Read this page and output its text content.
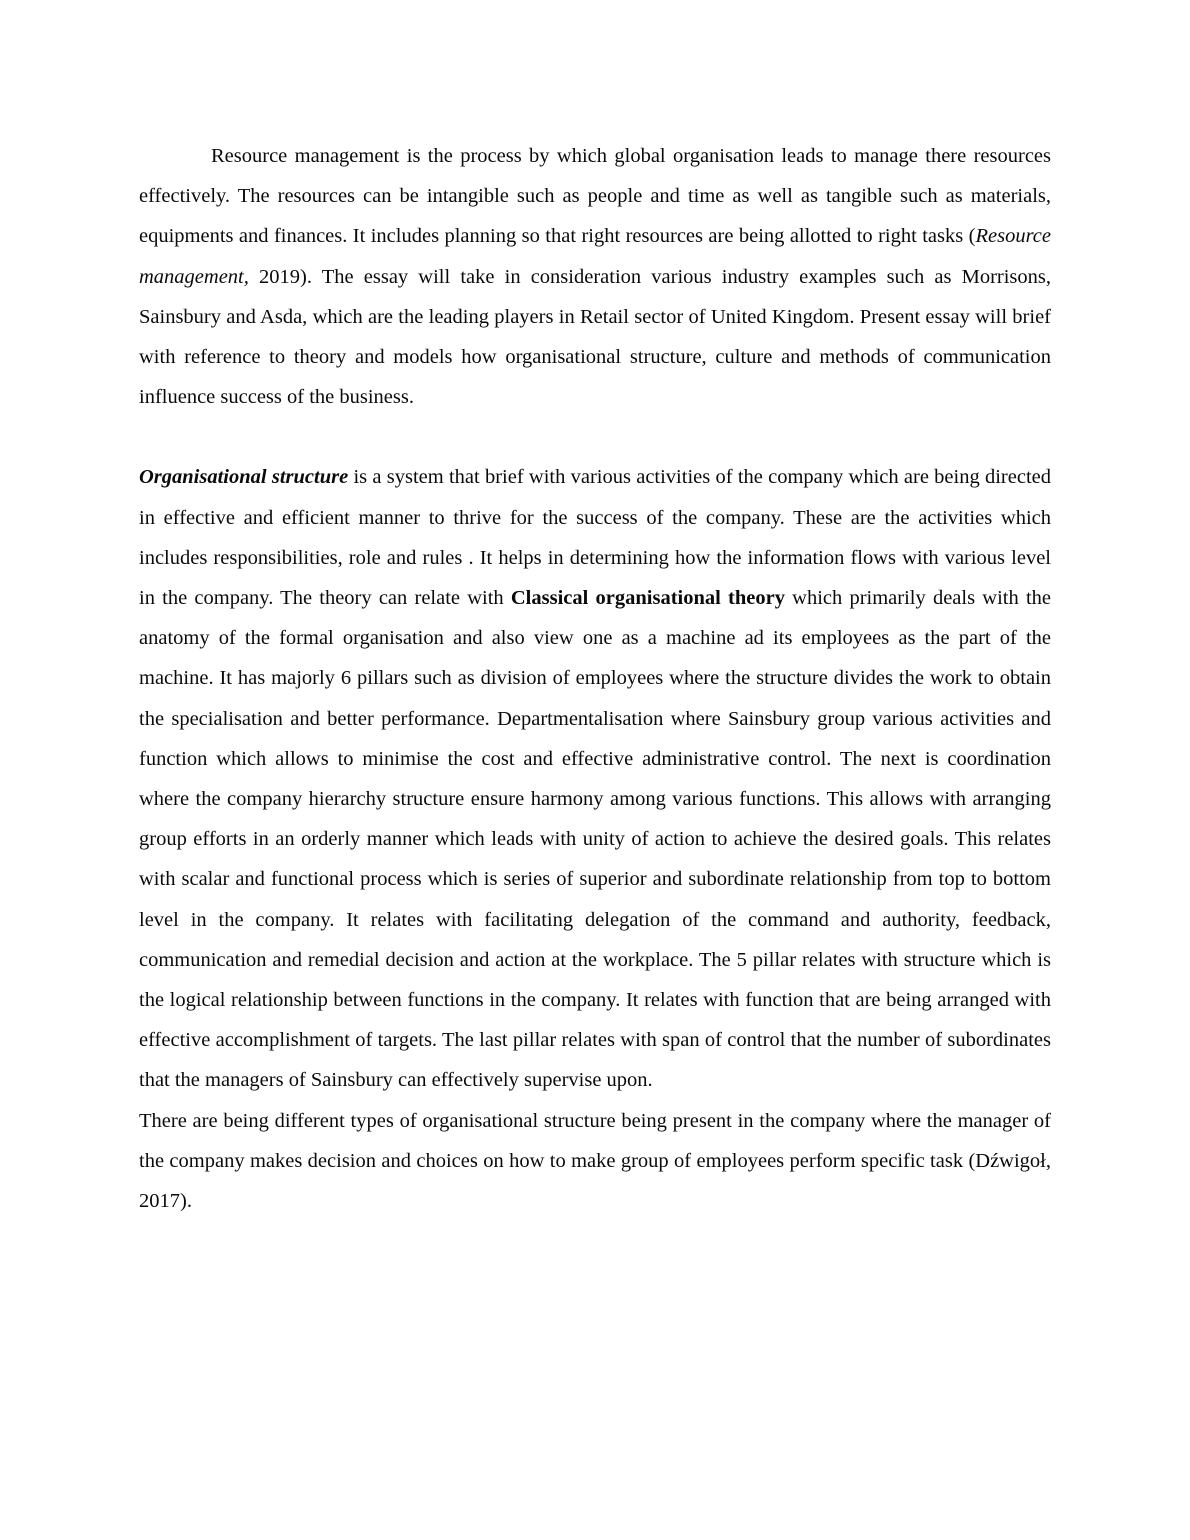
Resource management is the process by which global organisation leads to manage there resources effectively. The resources can be intangible such as people and time as well as tangible such as materials, equipments and finances. It includes planning so that right resources are being allotted to right tasks (Resource management, 2019). The essay will take in consideration various industry examples such as Morrisons, Sainsbury and Asda, which are the leading players in Retail sector of United Kingdom. Present essay will brief with reference to theory and models how organisational structure, culture and methods of communication influence success of the business.

Organisational structure is a system that brief with various activities of the company which are being directed in effective and efficient manner to thrive for the success of the company. These are the activities which includes responsibilities, role and rules . It helps in determining how the information flows with various level in the company. The theory can relate with Classical organisational theory which primarily deals with the anatomy of the formal organisation and also view one as a machine ad its employees as the part of the machine. It has majorly 6 pillars such as division of employees where the structure divides the work to obtain the specialisation and better performance. Departmentalisation where Sainsbury group various activities and function which allows to minimise the cost and effective administrative control. The next is coordination where the company hierarchy structure ensure harmony among various functions. This allows with arranging group efforts in an orderly manner which leads with unity of action to achieve the desired goals. This relates with scalar and functional process which is series of superior and subordinate relationship from top to bottom level in the company. It relates with facilitating delegation of the command and authority, feedback, communication and remedial decision and action at the workplace. The 5 pillar relates with structure which is the logical relationship between functions in the company. It relates with function that are being arranged with effective accomplishment of targets. The last pillar relates with span of control that the number of subordinates that the managers of Sainsbury can effectively supervise upon.

There are being different types of organisational structure being present in the company where the manager of the company makes decision and choices on how to make group of employees perform specific task (Dźwigoł, 2017).
